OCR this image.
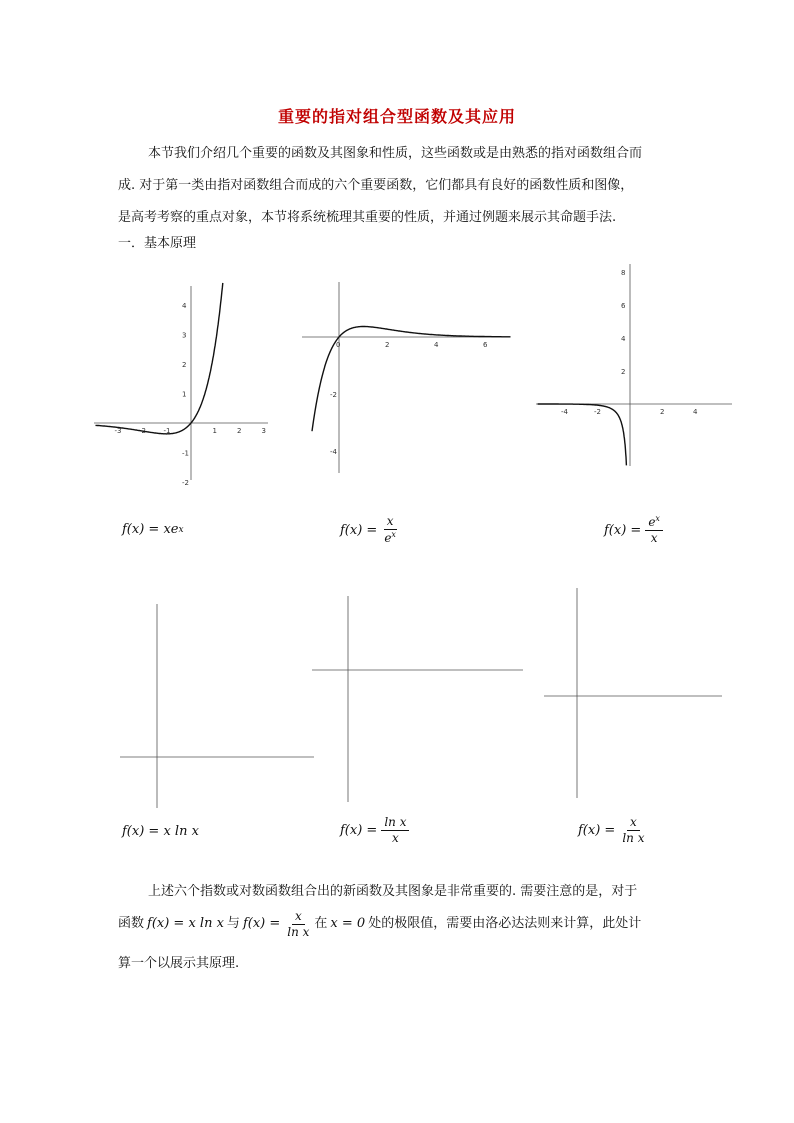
重要的指对组合型函数及其应用
本节我们介绍几个重要的函数及其图象和性质，这些函数或是由熟悉的指对函数组合而
成. 对于第一类由指对函数组合而成的六个重要函数，它们都具有良好的函数性质和图像，
是高考考察的重点对象，本节将系统梳理其重要的性质，并通过例题来展示其命题手法.
一．基本原理
-3	-2	-1	1	2	3
4
3
2
1
-1
-2
0	2	4	6
-2
-4
-4	-2	2	4
8
6
4
2
f(x) = xe x	$f(x) = \frac{x}{e^x}$	$f(x) = \frac{e^x}{x}$
f(x) = x ln x	$f(x) = \frac{\text{ln x}}{x}$	$f(x) = \frac{x}{\text{ln x}}$
上述六个指数或对数函数组合出的新函数及其图象是非常重要的. 需要注意的是，对于
函数 f(x) = x ln x 与 $f(x) = \frac{x}{\text{ln x}}$ 在 x = 0 处的极限值，需要由洛必达法则来计算，此处计
算一个以展示其原理.
